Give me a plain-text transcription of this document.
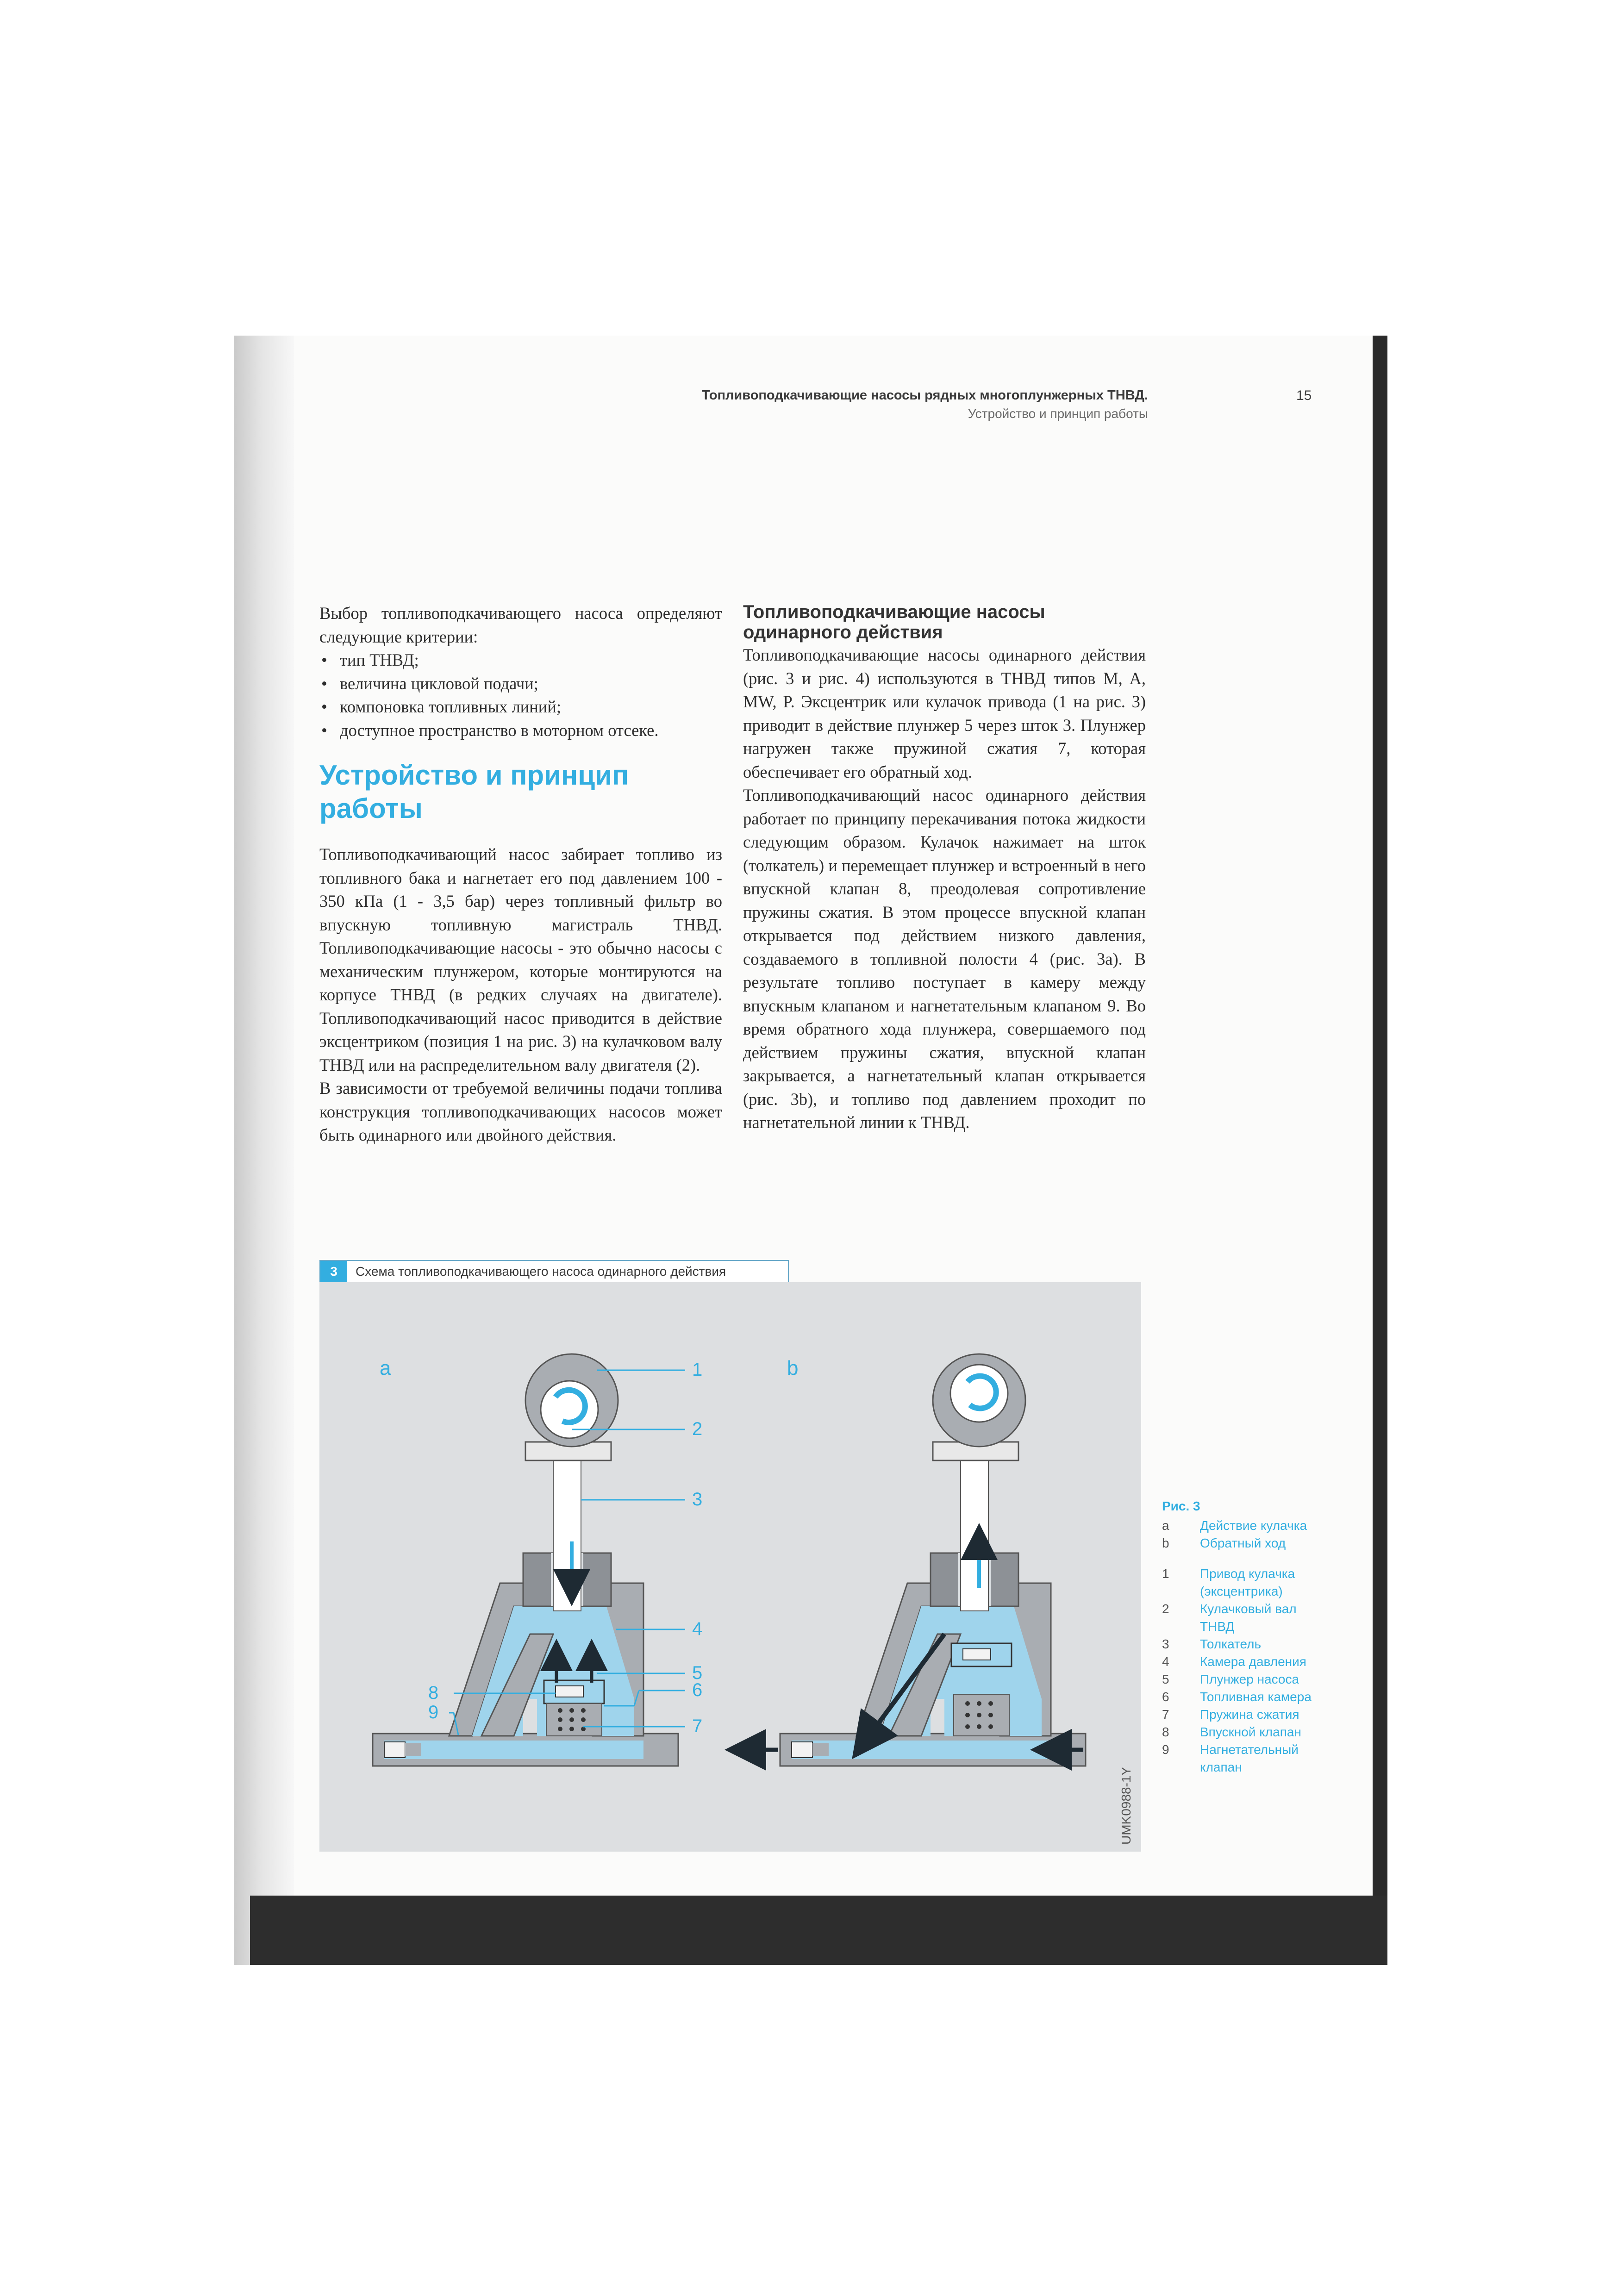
Топливоподкачивающие насосы рядных многоплунжерных ТНВД.
Устройство и принцип работы
15

Выбор топливоподкачивающего насоса определяют следующие критерии:

• тип ТНВД;
• величина цикловой подачи;
• компоновка топливных линий;
• доступное пространство в моторном отсеке.
Устройство и принцип работы

Топливоподкачивающий насос забирает топливо из топливного бака и нагнетает его под давлением 100 - 350 кПа (1 - 3,5 бар) через топливный фильтр во впускную топливную магистраль ТНВД. Топливоподкачивающие насосы - это обычно насосы с механическим плунжером, которые монтируются на корпусе ТНВД (в редких случаях на двигателе). Топливоподкачивающий насос приводится в действие эксцентриком (позиция 1 на рис. 3) на кулачковом валу ТНВД или на распределительном валу двигателя (2).

В зависимости от требуемой величины подачи топлива конструкция топливоподкачивающих насосов может быть одинарного или двойного действия.

Топливоподкачивающие насосы одинарного действия

Топливоподкачивающие насосы одинарного действия (рис. 3 и рис. 4) используются в ТНВД типов M, A, MW, P. Эксцентрик или кулачок привода (1 на рис. 3) приводит в действие плунжер 5 через шток 3. Плунжер нагружен также пружиной сжатия 7, которая обеспечивает его обратный ход.

Топливоподкачивающий насос одинарного действия работает по принципу перекачивания потока жидкости следующим образом. Кулачок нажимает на шток (толкатель) и перемещает плунжер и встроенный в него впускной клапан 8, преодолевая сопротивление пружины сжатия. В этом процессе впускной клапан открывается под действием низкого давления, создаваемого в топливной полости 4 (рис. 3а). В результате топливо поступает в камеру между впускным клапаном и нагнетательным клапаном 9. Во время обратного хода плунжера, совершаемого под действием пружины сжатия, впускной клапан закрывается, а нагнетательный клапан открывается (рис. 3b), и топливо под давлением проходит по нагнетательной линии к ТНВД.

3	Схема топливоподкачивающего насоса одинарного действия
a	1
2
3
4
5
6
7
8
9
b
UMK0988-1Y
Рис. 3
a	Действие кулачка
b	Обратный ход
1	Привод кулачка (эксцентрика)
2	Кулачковый вал ТНВД
3	Толкатель
4	Камера давления
5	Плунжер насоса
6	Топливная камера
7	Пружина сжатия
8	Впускной клапан
9	Нагнетательный клапан
